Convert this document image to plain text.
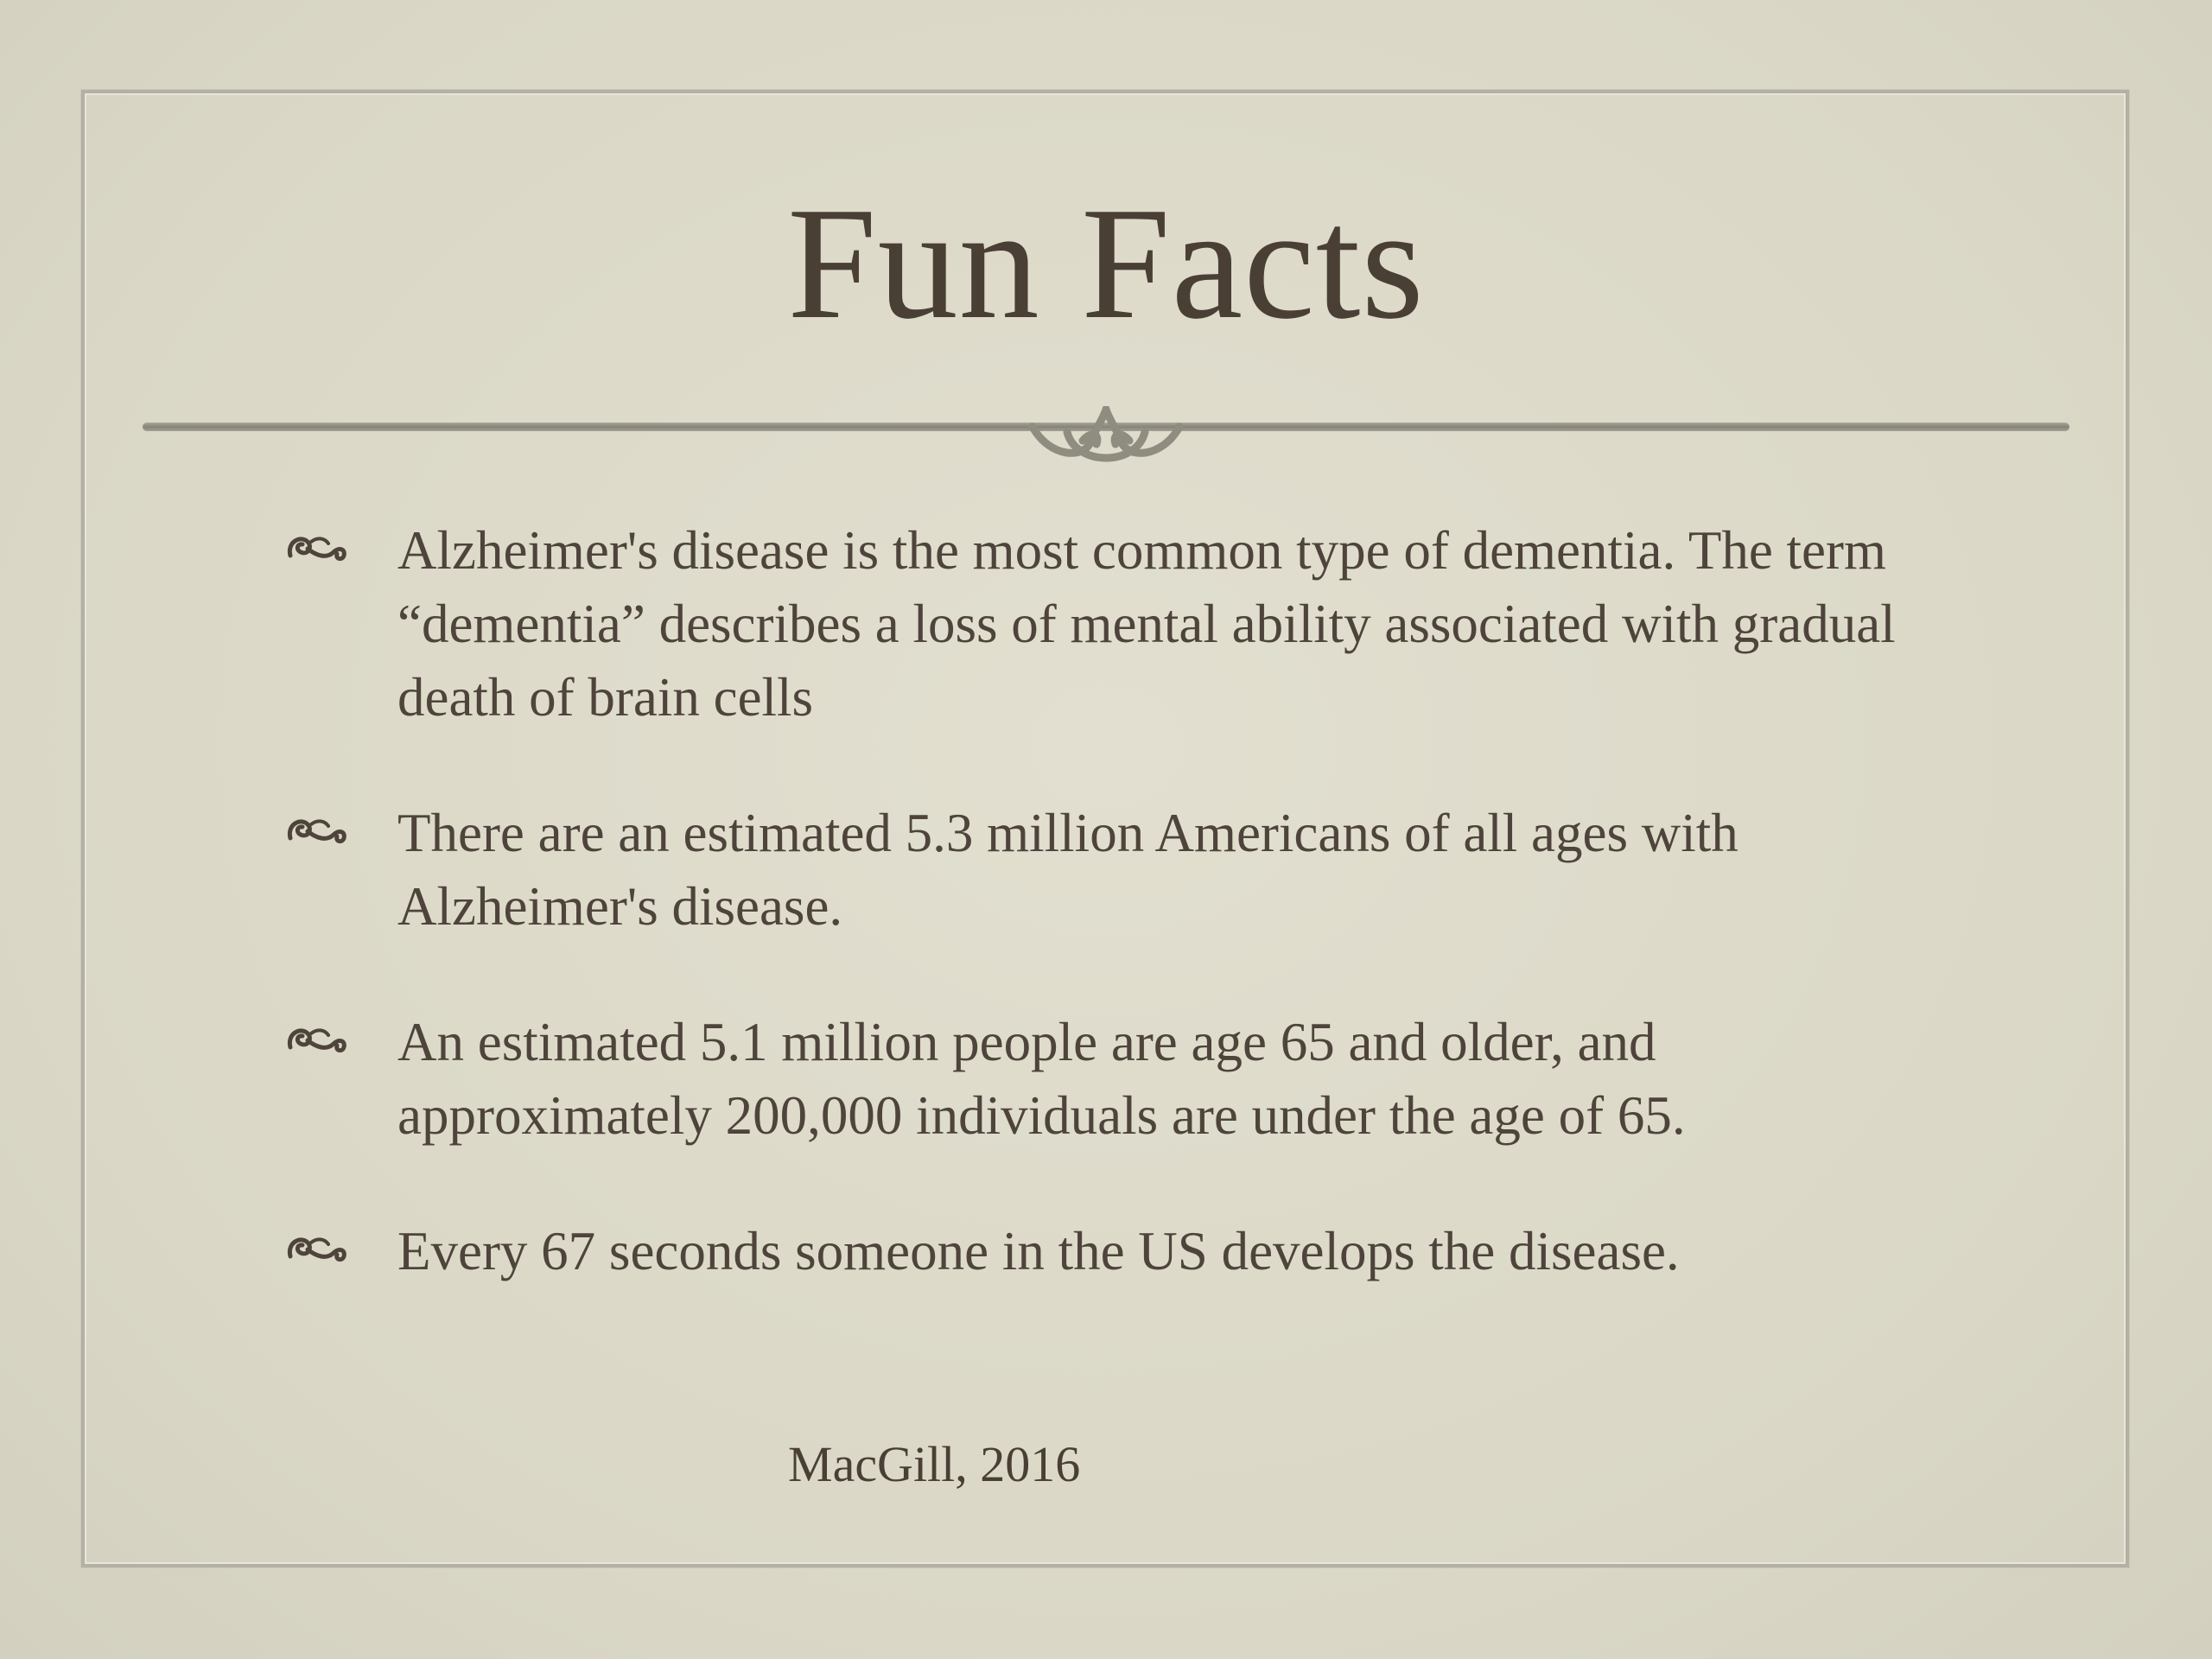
Fun Facts
Alzheimer's disease is the most common type of dementia. The term “dementia” describes a loss of mental ability associated with gradual death of brain cells
There are an estimated 5.3 million Americans of all ages with Alzheimer's disease.
An estimated 5.1 million people are age 65 and older, and approximately 200,000 individuals are under the age of 65.
Every 67 seconds someone in the US develops the disease.
MacGill, 2016
